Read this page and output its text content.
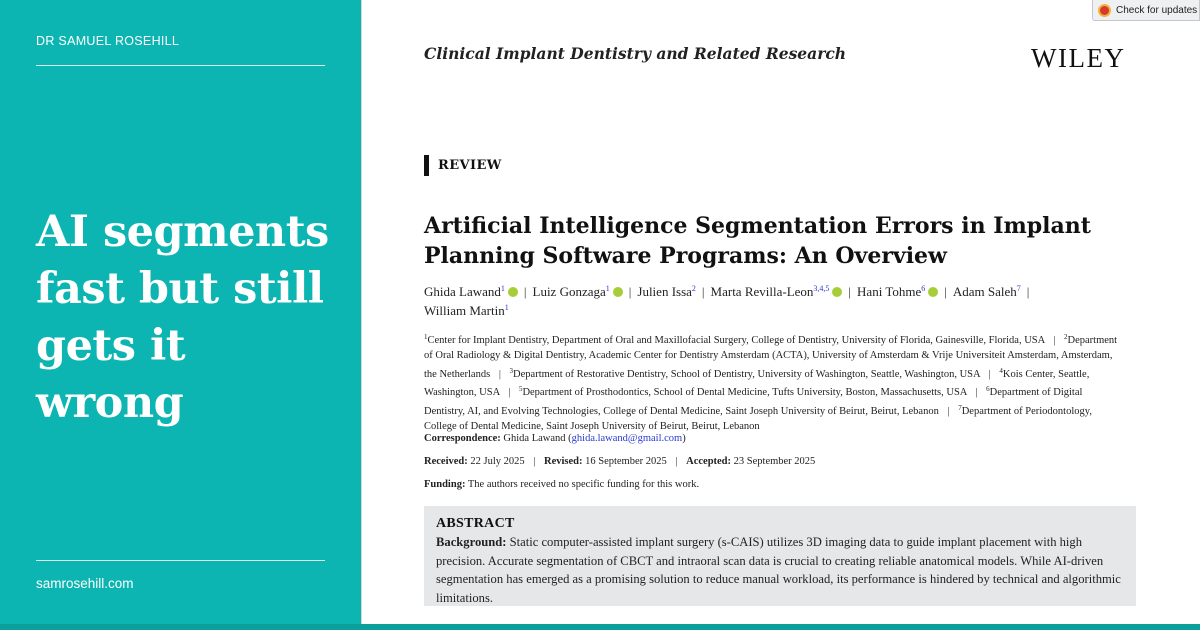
DR SAMUEL ROSEHILL
AI segments fast but still gets it wrong
samrosehill.com
Check for updates
Clinical Implant Dentistry and Related Research	WILEY
REVIEW
Artificial Intelligence Segmentation Errors in Implant Planning Software Programs: An Overview
Ghida Lawand$^1$ | Luiz Gonzaga$^1$ | Julien Issa$^2$ | Marta Revilla-Leon$^{3,4,5}$ | Hani Tohme$^6$ | Adam Saleh$^7$ |
William Martin$^1$
$^1$Center for Implant Dentistry, Department of Oral and Maxillofacial Surgery, College of Dentistry, University of Florida, Gainesville, Florida, USA | $^2$Department of Oral Radiology & Digital Dentistry, Academic Center for Dentistry Amsterdam (ACTA), University of Amsterdam & Vrije Universiteit Amsterdam, Amsterdam, the Netherlands | $^3$Department of Restorative Dentistry, School of Dentistry, University of Washington, Seattle, Washington, USA | $^4$Kois Center, Seattle, Washington, USA | $^5$Department of Prosthodontics, School of Dental Medicine, Tufts University, Boston, Massachusetts, USA | $^6$Department of Digital Dentistry, AI, and Evolving Technologies, College of Dental Medicine, Saint Joseph University of Beirut, Beirut, Lebanon | $^7$Department of Periodontology, College of Dental Medicine, Saint Joseph University of Beirut, Beirut, Lebanon
Correspondence: Ghida Lawand (ghida.lawand@gmail.com)
Received: 22 July 2025 | Revised: 16 September 2025 | Accepted: 23 September 2025
Funding: The authors received no specific funding for this work.
ABSTRACT
Background: Static computer-assisted implant surgery (s-CAIS) utilizes 3D imaging data to guide implant placement with high precision. Accurate segmentation of CBCT and intraoral scan data is crucial to creating reliable anatomical models. While AI-driven segmentation has emerged as a promising solution to reduce manual workload, its performance is hindered by technical and algorithmic limitations.
